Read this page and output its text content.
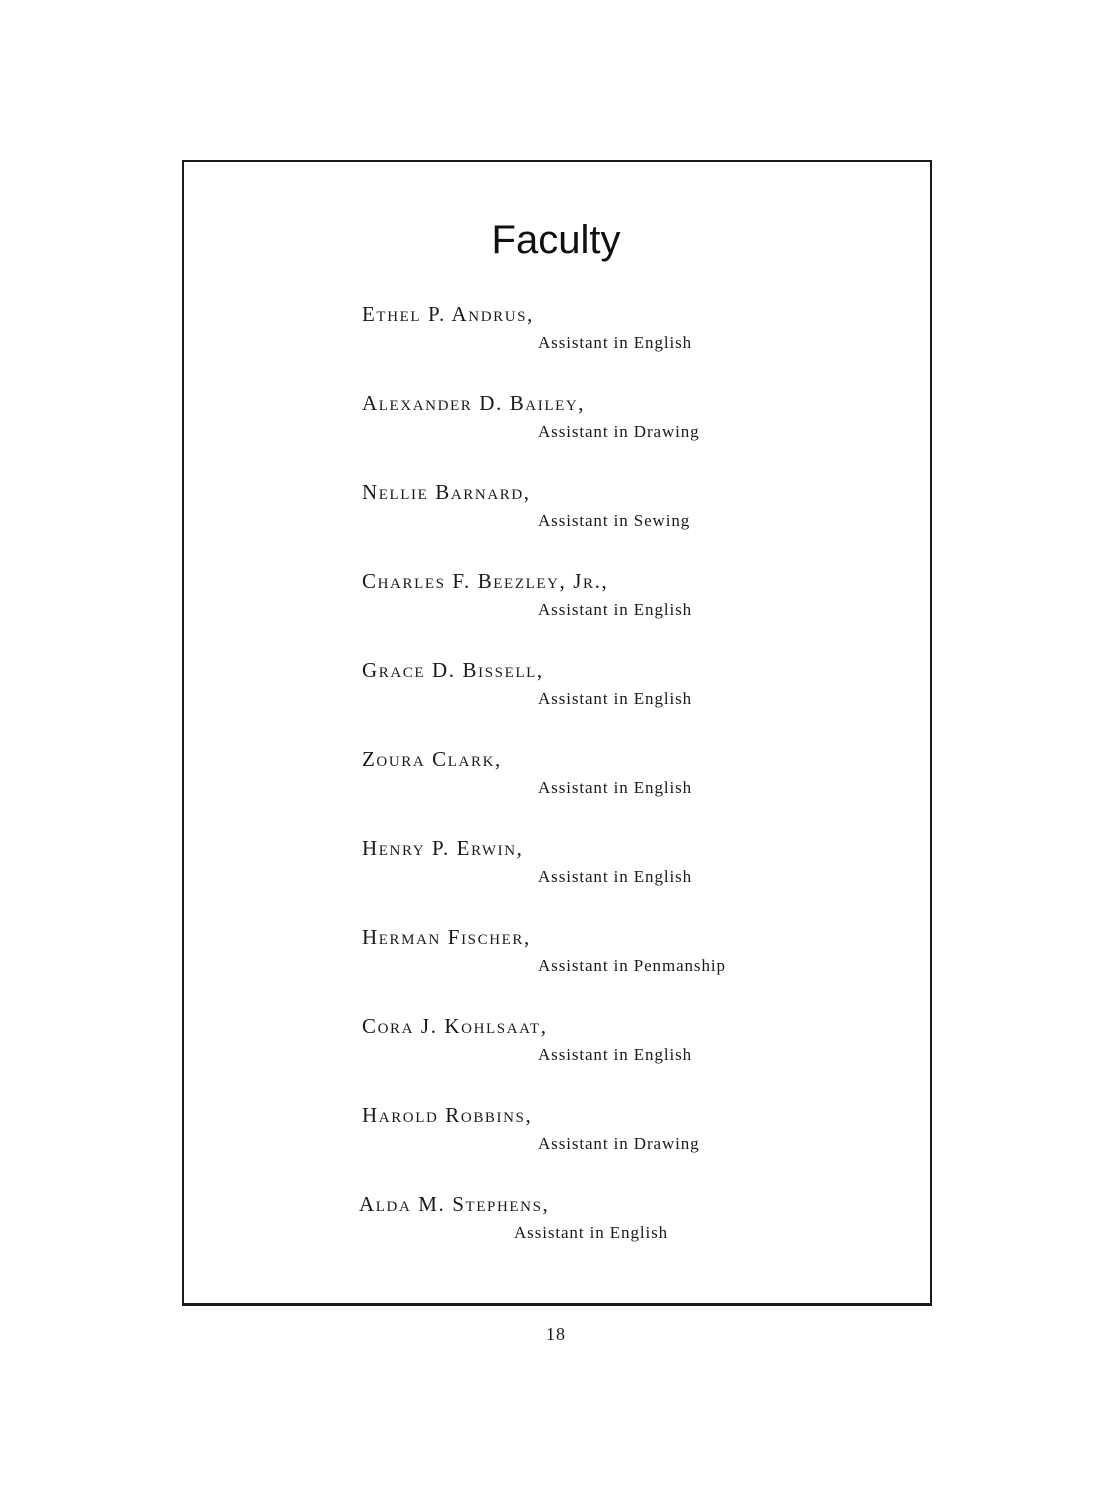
Faculty
Ethel P. Andrus,
Assistant in English
Alexander D. Bailey,
Assistant in Drawing
Nellie Barnard,
Assistant in Sewing
Charles F. Beezley, Jr.,
Assistant in English
Grace D. Bissell,
Assistant in English
Zoura Clark,
Assistant in English
Henry P. Erwin,
Assistant in English
Herman Fischer,
Assistant in Penmanship
Cora J. Kohlsaat,
Assistant in English
Harold Robbins,
Assistant in Drawing
Alda M. Stephens,
Assistant in English
18
